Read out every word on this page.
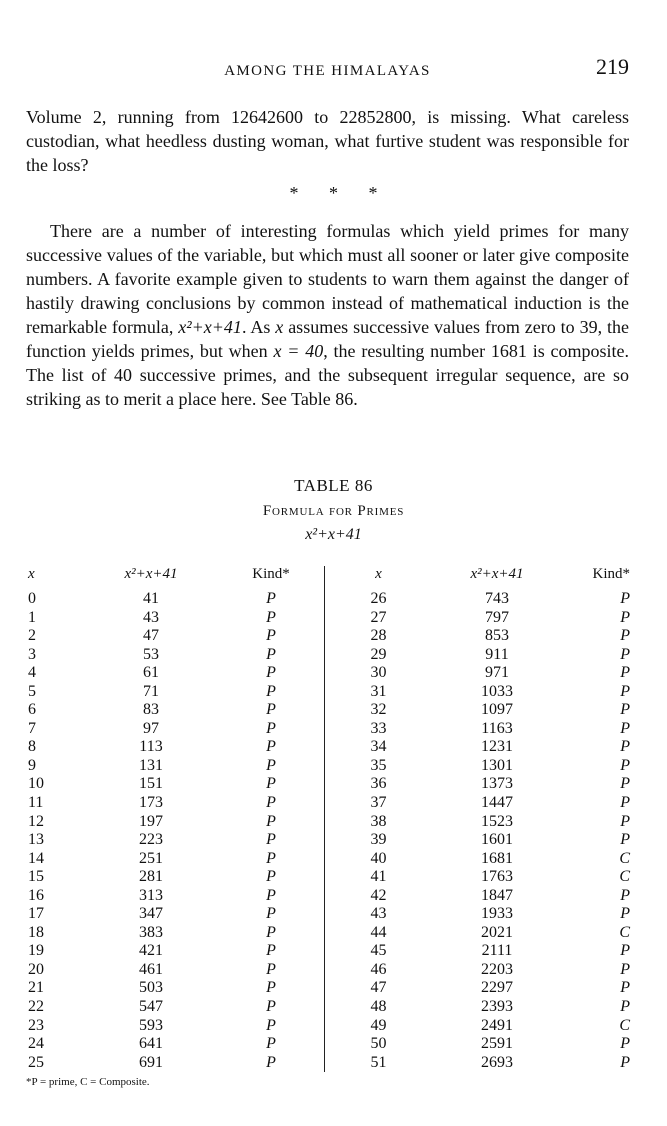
AMONG THE HIMALAYAS	219

Volume 2, running from 12642600 to 22852800, is missing. What careless custodian, what heedless dusting woman, what furtive student was responsible for the loss?

* * *

There are a number of interesting formulas which yield primes for many successive values of the variable, but which must all sooner or later give composite numbers. A favorite example given to students to warn them against the danger of hastily drawing conclusions by common instead of mathematical induction is the remarkable formula, x²+x+41. As x assumes successive values from zero to 39, the function yields primes, but when x = 40, the resulting number 1681 is composite. The list of 40 successive primes, and the subsequent irregular sequence, are so striking as to merit a place here. See Table 86.

TABLE 86
Formula for Primes
x²+x+41
x	x²+x+41	Kind*
0	41	P
1	43	P
2	47	P
3	53	P
4	61	P
5	71	P
6	83	P
7	97	P
8	113	P
9	131	P
10	151	P
11	173	P
12	197	P
13	223	P
14	251	P
15	281	P
16	313	P
17	347	P
18	383	P
19	421	P
20	461	P
21	503	P
22	547	P
23	593	P
24	641	P
25	691	P
x	x²+x+41	Kind*
26	743	P
27	797	P
28	853	P
29	911	P
30	971	P
31	1033	P
32	1097	P
33	1163	P
34	1231	P
35	1301	P
36	1373	P
37	1447	P
38	1523	P
39	1601	P
40	1681	C
41	1763	C
42	1847	P
43	1933	P
44	2021	C
45	2111	P
46	2203	P
47	2297	P
48	2393	P
49	2491	C
50	2591	P
51	2693	P
*P = prime, C = Composite.
